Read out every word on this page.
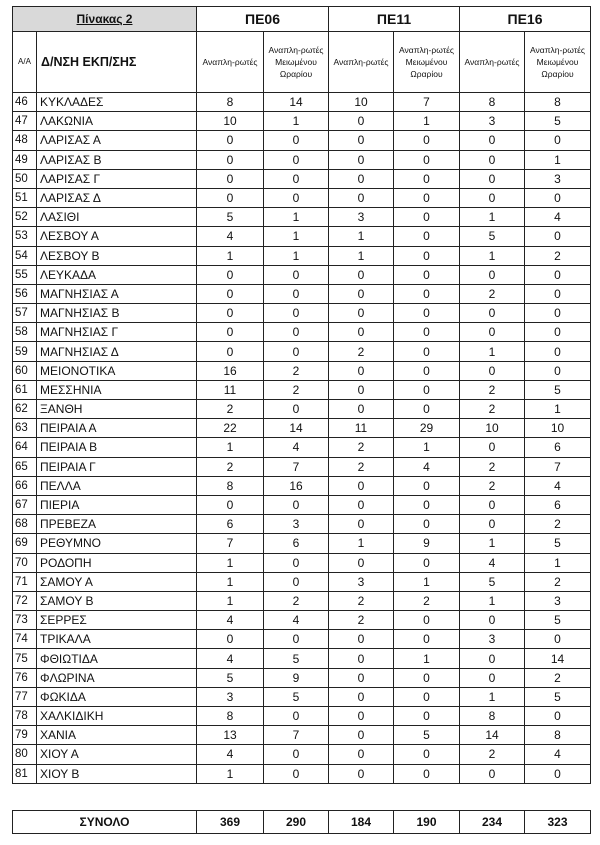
Πίνακας 2		ΠΕ06		ΠΕ11		ΠΕ16	
Α/Α	Δ/ΝΣΗ ΕΚΠ/ΣΗΣ	Αναπλη-ρωτές	Αναπλη-ρωτές Μειωμένου Ωραρίου	Αναπλη-ρωτές	Αναπλη-ρωτές Μειωμένου Ωραρίου	Αναπλη-ρωτές	Αναπλη-ρωτές Μειωμένου Ωραρίου
46	ΚΥΚΛΑΔΕΣ	8	14	10	7	8	8
47	ΛΑΚΩΝΙΑ	10	1	0	1	3	5
48	ΛΑΡΙΣΑΣ Α	0	0	0	0	0	0
49	ΛΑΡΙΣΑΣ Β	0	0	0	0	0	1
50	ΛΑΡΙΣΑΣ Γ	0	0	0	0	0	3
51	ΛΑΡΙΣΑΣ Δ	0	0	0	0	0	0
52	ΛΑΣΙΘΙ	5	1	3	0	1	4
53	ΛΕΣΒΟΥ Α	4	1	1	0	5	0
54	ΛΕΣΒΟΥ Β	1	1	1	0	1	2
55	ΛΕΥΚΑΔΑ	0	0	0	0	0	0
56	ΜΑΓΝΗΣΙΑΣ Α	0	0	0	0	2	0
57	ΜΑΓΝΗΣΙΑΣ Β	0	0	0	0	0	0
58	ΜΑΓΝΗΣΙΑΣ Γ	0	0	0	0	0	0
59	ΜΑΓΝΗΣΙΑΣ Δ	0	0	2	0	1	0
60	ΜΕΙΟΝΟΤΙΚΑ	16	2	0	0	0	0
61	ΜΕΣΣΗΝΙΑ	11	2	0	0	2	5
62	ΞΑΝΘΗ	2	0	0	0	2	1
63	ΠΕΙΡΑΙΑ Α	22	14	11	29	10	10
64	ΠΕΙΡΑΙΑ Β	1	4	2	1	0	6
65	ΠΕΙΡΑΙΑ Γ	2	7	2	4	2	7
66	ΠΕΛΛΑ	8	16	0	0	2	4
67	ΠΙΕΡΙΑ	0	0	0	0	0	6
68	ΠΡΕΒΕΖΑ	6	3	0	0	0	2
69	ΡΕΘΥΜΝΟ	7	6	1	9	1	5
70	ΡΟΔΟΠΗ	1	0	0	0	4	1
71	ΣΑΜΟΥ Α	1	0	3	1	5	2
72	ΣΑΜΟΥ Β	1	2	2	2	1	3
73	ΣΕΡΡΕΣ	4	4	2	0	0	5
74	ΤΡΙΚΑΛΑ	0	0	0	0	3	0
75	ΦΘΙΩΤΙΔΑ	4	5	0	1	0	14
76	ΦΛΩΡΙΝΑ	5	9	0	0	0	2
77	ΦΩΚΙΔΑ	3	5	0	0	1	5
78	ΧΑΛΚΙΔΙΚΗ	8	0	0	0	8	0
79	ΧΑΝΙΑ	13	7	0	5	14	8
80	ΧΙΟΥ Α	4	0	0	0	2	4
81	ΧΙΟΥ Β	1	0	0	0	0	0
ΣΥΝΟΛΟ	369	290	184	190	234	323
